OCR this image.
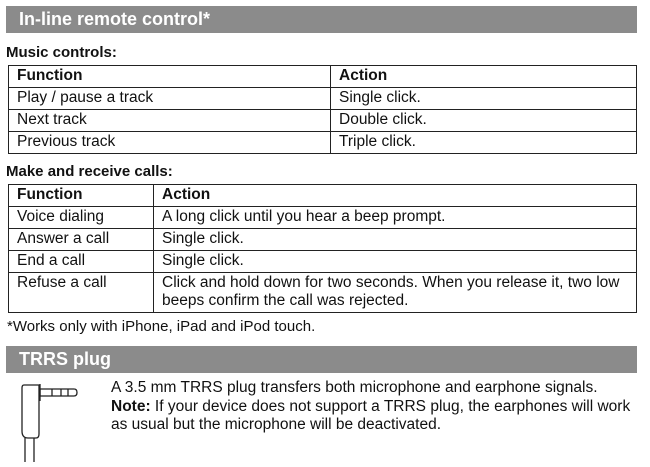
In-line remote control*
Music controls:
Function	Action
Play / pause a track	Single click.
Next track	Double click.
Previous track	Triple click.
Make and receive calls:
Function	Action
Voice dialing	A long click until you hear a beep prompt.
Answer a call	Single click.
End a call	Single click.
Refuse a call	Click and hold down for two seconds. When you release it, two low beeps confirm the call was rejected.
*Works only with iPhone, iPad and iPod touch.
TRRS plug
A 3.5 mm TRRS plug transfers both microphone and earphone signals.
Note: If your device does not support a TRRS plug, the earphones will work as usual but the microphone will be deactivated.
